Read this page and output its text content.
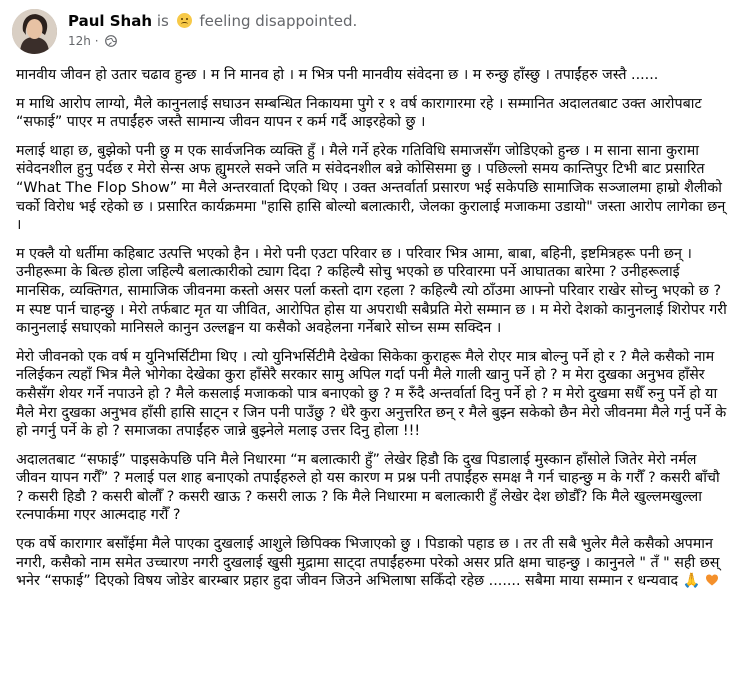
Paul Shah is feeling disappointed.
12h ·

मानवीय जीवन हो उतार चढाव हुन्छ । म नि मानव हो । म भित्र पनी मानवीय संवेदना छ । म रुन्छु हाँस्छु । तपाईंहरु जस्तै ......

म माथि आरोप लाग्यो, मैले कानुनलाई सघाउन सम्बन्धित निकायमा पुगे र १ वर्ष कारागारमा रहे । सम्मानित अदालतबाट उक्त आरोपबाट “सफाई” पाएर म तपाईंहरु जस्तै सामान्य जीवन यापन र कर्म गर्दै आइरहेको छु ।

मलाई थाहा छ, बुझेको पनी छु म एक सार्वजनिक व्यक्ति हुँ । मैले गर्ने हरेक गतिविधि समाजसँग जोडिएको हुन्छ । म साना साना कुरामा संवेदनशील हुनु पर्दछ र मेरो सेन्स अफ ह्युमरले सक्ने जति म संवेदनशील बन्ने कोसिसमा छु । पछिल्लो समय कान्तिपुर टिभी बाट प्रसारित “What The Flop Show” मा मैले अन्तरवार्ता दिएको थिए । उक्त अन्तर्वार्ता प्रसारण भई सकेपछि सामाजिक सञ्जालमा हाम्रो शैलीको चर्को विरोध भई रहेको छ । प्रसारित कार्यक्रममा "हासि हासि बोल्यो बलात्कारी, जेलका कुरालाई मजाकमा उडायो" जस्ता आरोप लागेका छन् ।

म एक्लै यो धर्तीमा कहिबाट उत्पत्ति भएको हैन । मेरो पनी एउटा परिवार छ । परिवार भित्र आमा, बाबा, बहिनी, इष्टमित्रहरू पनी छन् । उनीहरूमा के बित्छ होला जहिल्यै बलात्कारीको ट्याग दिदा ? कहिल्यै सोचु भएको छ परिवारमा पर्ने आघातका बारेमा ? उनीहरूलाई मानसिक, व्यक्तिगत, सामाजिक जीवनमा कस्तो असर पर्ला कस्तो दाग रहला ? कहिल्यै त्यो ठाँउमा आफ्नो परिवार राखेर सोच्नु भएको छ ? म स्पष्ट पार्न चाहन्छु । मेरो तर्फबाट मृत या जीवित, आरोपित होस या अपराधी सबैप्रति मेरो सम्मान छ । म मेरो देशको कानुनलाई शिरोपर गरी कानुनलाई सघाएको मानिसले कानुन उल्लङ्घन या कसैको अवहेलना गर्नेबारे सोच्न सम्म सक्दिन ।

मेरो जीवनको एक वर्ष म युनिभर्सिटीमा थिए । त्यो युनिभर्सिटीमै देखेका सिकेका कुराहरू मैले रोएर मात्र बोल्नु पर्ने हो र ? मैले कसैको नाम नलिईकन त्यहाँ भित्र मैले भोगेका देखेका कुरा हाँसेरै सरकार सामु अपिल गर्दा पनी मैले गाली खानु पर्ने हो ? म मेरा दुखका अनुभव हाँसेर कसैसँग शेयर गर्ने नपाउने हो ? मैले कसलाई मजाकको पात्र बनाएको छु ? म रुँदै अन्तर्वार्ता दिनु पर्ने हो ? म मेरो दुखमा सधैँ रुनु पर्ने हो या मैले मेरा दुखका अनुभव हाँसी हासि साट्न र जिन पनी पाउँछु ? धेरै कुरा अनुत्तरित छन् र मैले बुझ्न सकेको छैन मेरो जीवनमा मैले गर्नु पर्ने के हो नगर्नु पर्ने के हो ? समाजका तपाईंहरु जान्ने बुझ्नेले मलाइ उत्तर दिनु होला !!!

अदालतबाट “सफाई” पाइसकेपछि पनि मैले निधारमा “म बलात्कारी हुँ” लेखेर हिडौ कि दुख पिडालाई मुस्कान हाँसोले जितेर मेरो नर्मल जीवन यापन गरौँ” ? मलाई पल शाह बनाएको तपाईंहरुले हो यस कारण म प्रश्न पनी तपाईंहरु समक्ष नै गर्न चाहन्छु म के गरौँ ? कसरी बाँचौ ? कसरी हिडौ ? कसरी बोलौँ ? कसरी खाऊ ? कसरी लाऊ ? कि मैले निधारमा म बलात्कारी हुँ लेखेर देश छोडौँ? कि मैले खुल्लमखुल्ला रत्नपार्कमा गएर आत्मदाह गरौँ ?

एक वर्षे कारागार बसाँईमा मैले पाएका दुखलाई आशुले छिपिक्क भिजाएको छु । पिडाको पहाड छ । तर ती सबै भुलेर मैले कसैको अपमान नगरी, कसैको नाम समेत उच्चारण नगरी दुखलाई खुसी मुद्रामा साट्दा तपाईंहरुमा परेको असर प्रति क्षमा चाहन्छु । कानुनले " तँ " सही छस् भनेर “सफाई” दिएको विषय जोडेर बारम्बार प्रहार हुदा जीवन जिउने अभिलाषा सकिँदो रहेछ ....... सबैमा माया सम्मान र धन्यवाद 🙏
